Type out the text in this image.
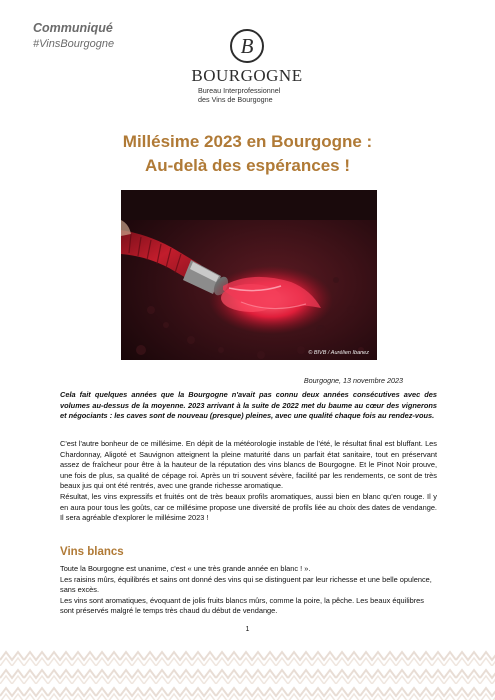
Communiqué
#VinsBourgogne	B
BOURGOGNE
Bureau Interprofessionnel
des Vins de Bourgogne
Millésime 2023 en Bourgogne :
Au-delà des espérances !
© BIVB / Aurélien Ibanez
Bourgogne, 13 novembre 2023
Cela fait quelques années que la Bourgogne n'avait pas connu deux années consécutives avec des volumes au-dessus de la moyenne. 2023 arrivant à la suite de 2022 met du baume au cœur des vignerons et négociants : les caves sont de nouveau (presque) pleines, avec une qualité chaque fois au rendez-vous.
C'est l'autre bonheur de ce millésime. En dépit de la météorologie instable de l'été, le résultat final est bluffant. Les Chardonnay, Aligoté et Sauvignon atteignent la pleine maturité dans un parfait état sanitaire, tout en préservant assez de fraîcheur pour être à la hauteur de la réputation des vins blancs de Bourgogne. Et le Pinot Noir prouve, une fois de plus, sa qualité de cépage roi. Après un tri souvent sévère, facilité par les rendements, ce sont de très beaux jus qui ont été rentrés, avec une grande richesse aromatique.
Résultat, les vins expressifs et fruités ont de très beaux profils aromatiques, aussi bien en blanc qu'en rouge. Il y en aura pour tous les goûts, car ce millésime propose une diversité de profils liée au choix des dates de vendange. Il sera agréable d'explorer le millésime 2023 !
Vins blancs
Toute la Bourgogne est unanime, c'est « une très grande année en blanc ! ».
Les raisins mûrs, équilibrés et sains ont donné des vins qui se distinguent par leur richesse et une belle opulence, sans excès.
Les vins sont aromatiques, évoquant de jolis fruits blancs mûrs, comme la poire, la pêche. Les beaux équilibres sont préservés malgré le temps très chaud du début de vendange.
1
